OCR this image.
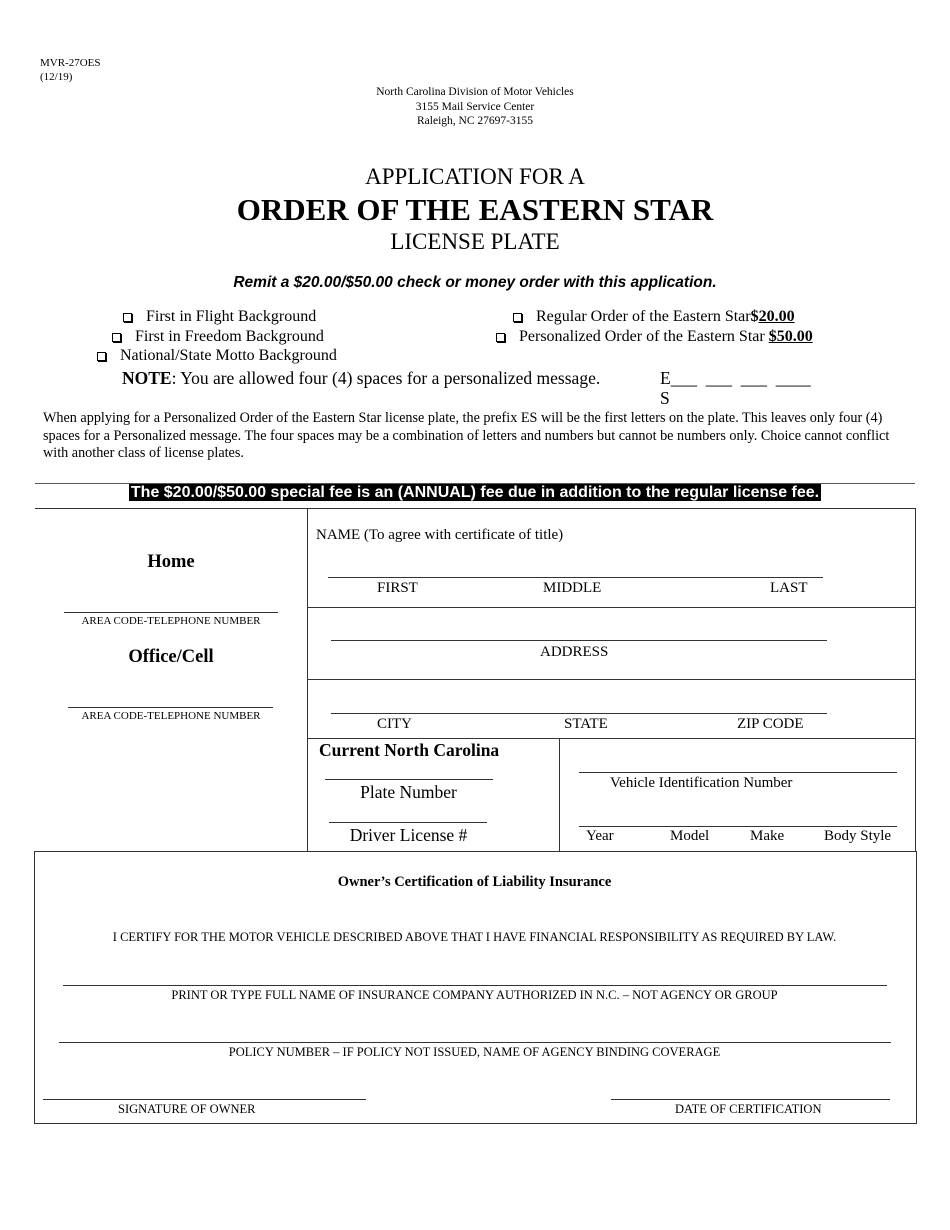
MVR-27OES
(12/19)
North Carolina Division of Motor Vehicles
3155 Mail Service Center
Raleigh, NC 27697-3155
APPLICATION FOR A
ORDER OF THE EASTERN STAR
LICENSE PLATE
Remit a $20.00/$50.00 check or money order with this application.
First in Flight Background
First in Freedom Background
National/State Motto Background
Regular Order of the Eastern Star $ 20.00
Personalized Order of the Eastern Star $50.00
NOTE: You are allowed four (4) spaces for a personalized message.	E___  ___  ___  ____
S
When applying for a Personalized Order of the Eastern Star license plate, the prefix ES will be the first letters on the plate. This leaves only four (4) spaces for a Personalized message. The four spaces may be a combination of letters and numbers but cannot be numbers only. Choice cannot conflict with another class of license plates.
The $20.00/$50.00 special fee is an (ANNUAL) fee due in addition to the regular license fee.
Home
AREA CODE-TELEPHONE NUMBER
Office/Cell
AREA CODE-TELEPHONE NUMBER
NAME (To agree with certificate of title)
FIRST	MIDDLE	LAST
ADDRESS
CITY	STATE	ZIP CODE
Current North Carolina
Plate Number
Driver License #
Vehicle Identification Number
Year	Model	Make	Body Style
Owner’s Certification of Liability Insurance
I CERTIFY FOR THE MOTOR VEHICLE DESCRIBED ABOVE THAT I HAVE FINANCIAL RESPONSIBILITY AS REQUIRED BY LAW.
PRINT OR TYPE FULL NAME OF INSURANCE COMPANY AUTHORIZED IN N.C. – NOT AGENCY OR GROUP
POLICY NUMBER – IF POLICY NOT ISSUED, NAME OF AGENCY BINDING COVERAGE
SIGNATURE OF OWNER	DATE OF CERTIFICATION
